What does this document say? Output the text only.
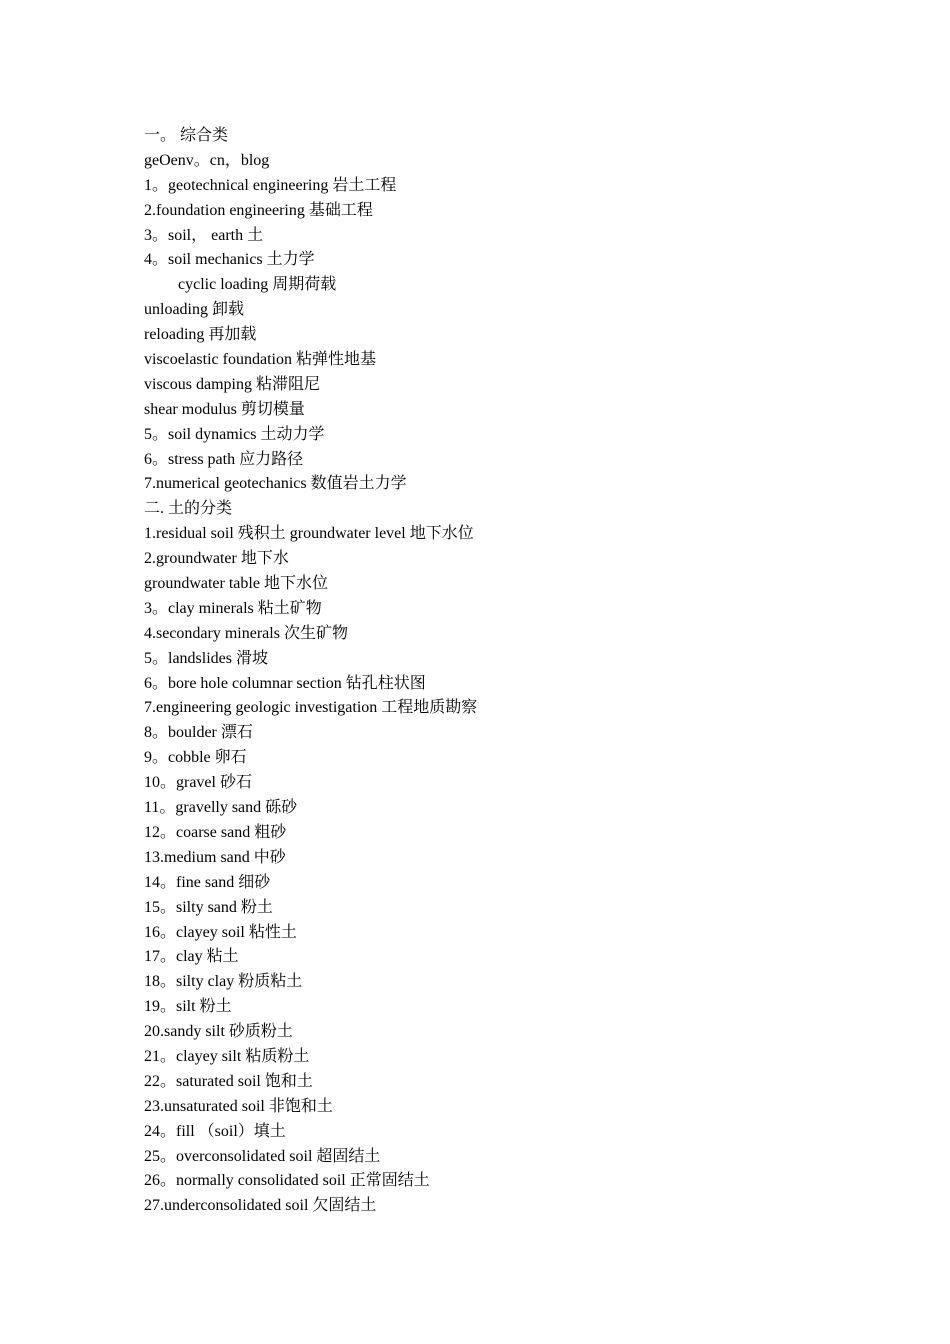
一。 综合类
geOenv。cn，blog
1。geotechnical engineering 岩土工程
2.foundation engineering 基础工程
3。soil， earth 土
4。soil mechanics 土力学
cyclic loading 周期荷载
unloading 卸载
reloading 再加载
viscoelastic foundation 粘弹性地基
viscous damping 粘滞阻尼
shear modulus 剪切模量
5。soil dynamics 土动力学
6。stress path 应力路径
7.numerical geotechanics 数值岩土力学
二. 土的分类
1.residual soil 残积土 groundwater level 地下水位
2.groundwater 地下水
groundwater table 地下水位
3。clay minerals 粘土矿物
4.secondary minerals 次生矿物
5。landslides 滑坡
6。bore hole columnar section 钻孔柱状图
7.engineering geologic investigation 工程地质勘察
8。boulder 漂石
9。cobble 卵石
10。gravel 砂石
11。gravelly sand 砾砂
12。coarse sand 粗砂
13.medium sand 中砂
14。fine sand 细砂
15。silty sand 粉土
16。clayey soil 粘性土
17。clay 粘土
18。silty clay 粉质粘土
19。silt 粉土
20.sandy silt 砂质粉土
21。clayey silt 粘质粉土
22。saturated soil 饱和土
23.unsaturated soil 非饱和土
24。fill （soil）填土
25。overconsolidated soil 超固结土
26。normally consolidated soil 正常固结土
27.underconsolidated soil 欠固结土
